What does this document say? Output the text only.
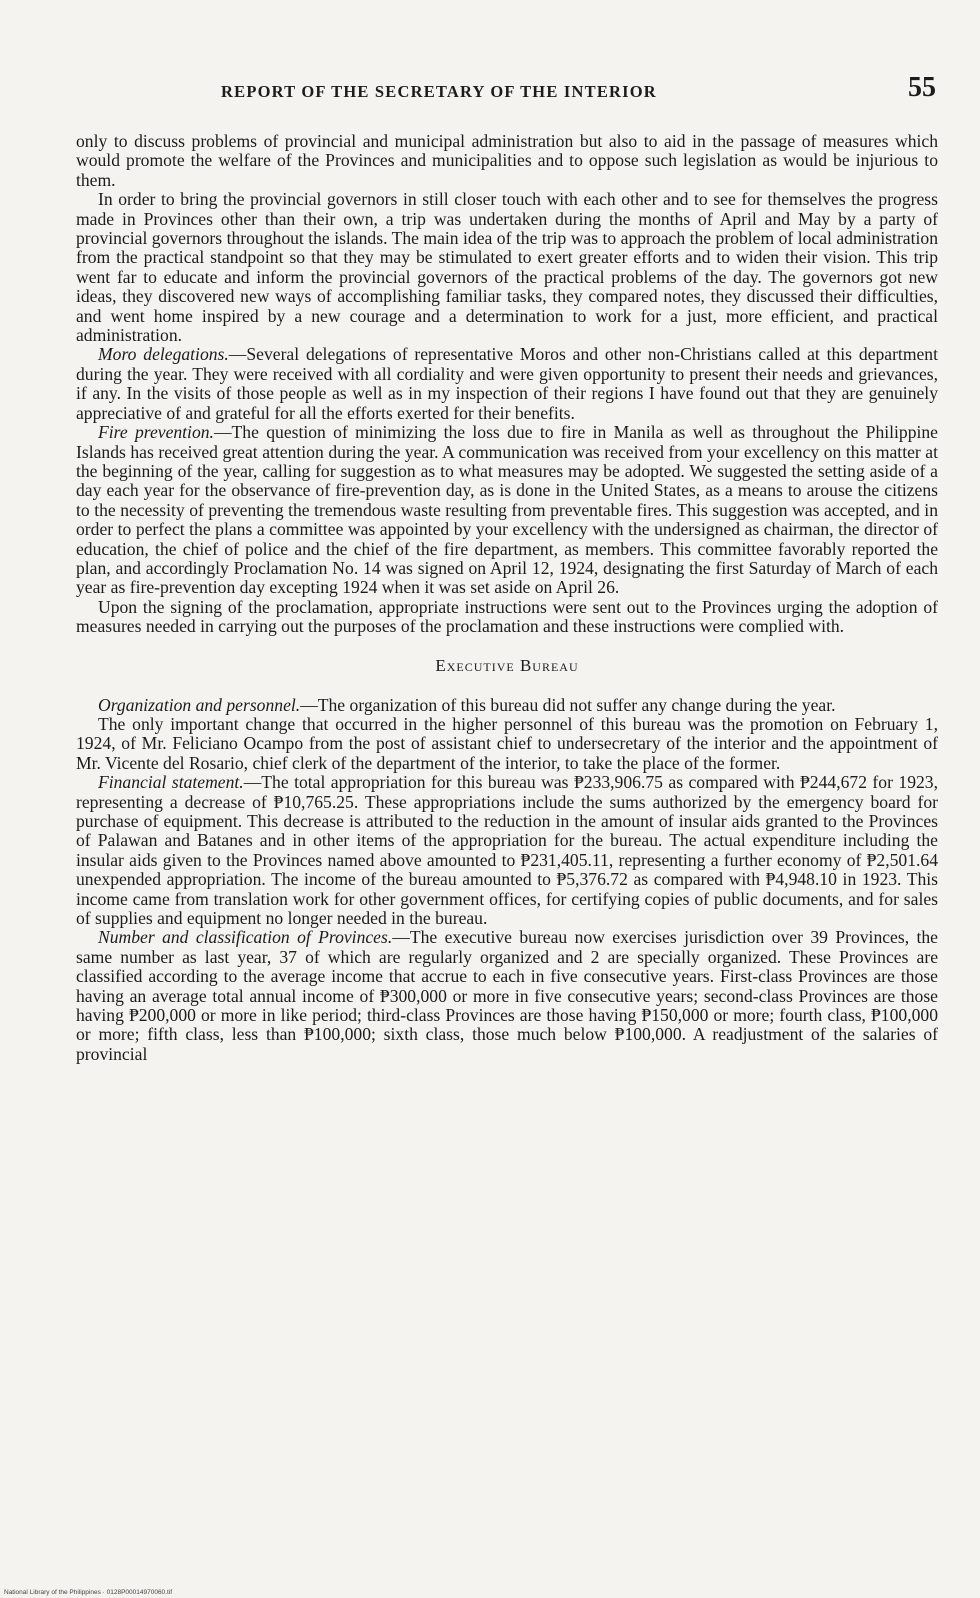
REPORT OF THE SECRETARY OF THE INTERIOR	55

only to discuss problems of provincial and municipal administration but also to aid in the passage of measures which would promote the welfare of the Provinces and municipalities and to oppose such legislation as would be injurious to them.

In order to bring the provincial governors in still closer touch with each other and to see for themselves the progress made in Provinces other than their own, a trip was undertaken during the months of April and May by a party of provincial governors throughout the islands. The main idea of the trip was to approach the problem of local administration from the practical standpoint so that they may be stimulated to exert greater efforts and to widen their vision. This trip went far to educate and inform the provincial governors of the practical problems of the day. The governors got new ideas, they discovered new ways of accomplishing familiar tasks, they compared notes, they discussed their difficulties, and went home inspired by a new courage and a determination to work for a just, more efficient, and practical administration.

Moro delegations.—Several delegations of representative Moros and other non-Christians called at this department during the year. They were received with all cordiality and were given opportunity to present their needs and grievances, if any. In the visits of those people as well as in my inspection of their regions I have found out that they are genuinely appreciative of and grateful for all the efforts exerted for their benefits.

Fire prevention.—The question of minimizing the loss due to fire in Manila as well as throughout the Philippine Islands has received great attention during the year. A communication was received from your excellency on this matter at the beginning of the year, calling for suggestion as to what measures may be adopted. We suggested the setting aside of a day each year for the observance of fire-prevention day, as is done in the United States, as a means to arouse the citizens to the necessity of preventing the tremendous waste resulting from preventable fires. This suggestion was accepted, and in order to perfect the plans a committee was appointed by your excellency with the undersigned as chairman, the director of education, the chief of police and the chief of the fire department, as members. This committee favorably reported the plan, and accordingly Proclamation No. 14 was signed on April 12, 1924, designating the first Saturday of March of each year as fire-prevention day excepting 1924 when it was set aside on April 26.

Upon the signing of the proclamation, appropriate instructions were sent out to the Provinces urging the adoption of measures needed in carrying out the purposes of the proclamation and these instructions were complied with.

Executive Bureau

Organization and personnel.—The organization of this bureau did not suffer any change during the year.

The only important change that occurred in the higher personnel of this bureau was the promotion on February 1, 1924, of Mr. Feliciano Ocampo from the post of assistant chief to undersecretary of the interior and the appointment of Mr. Vicente del Rosario, chief clerk of the department of the interior, to take the place of the former.

Financial statement.—The total appropriation for this bureau was ₱233,906.75 as compared with ₱244,672 for 1923, representing a decrease of ₱10,765.25. These appropriations include the sums authorized by the emergency board for purchase of equipment. This decrease is attributed to the reduction in the amount of insular aids granted to the Provinces of Palawan and Batanes and in other items of the appropriation for the bureau. The actual expenditure including the insular aids given to the Provinces named above amounted to ₱231,405.11, representing a further economy of ₱2,501.64 unexpended appropriation. The income of the bureau amounted to ₱5,376.72 as compared with ₱4,948.10 in 1923. This income came from translation work for other government offices, for certifying copies of public documents, and for sales of supplies and equipment no longer needed in the bureau.

Number and classification of Provinces.—The executive bureau now exercises jurisdiction over 39 Provinces, the same number as last year, 37 of which are regularly organized and 2 are specially organized. These Provinces are classified according to the average income that accrue to each in five consecutive years. First-class Provinces are those having an average total annual income of ₱300,000 or more in five consecutive years; second-class Provinces are those having ₱200,000 or more in like period; third-class Provinces are those having ₱150,000 or more; fourth class, ₱100,000 or more; fifth class, less than ₱100,000; sixth class, those much below ₱100,000. A readjustment of the salaries of provincial

National Library of the Philippines · 0128P00014970060.tif
